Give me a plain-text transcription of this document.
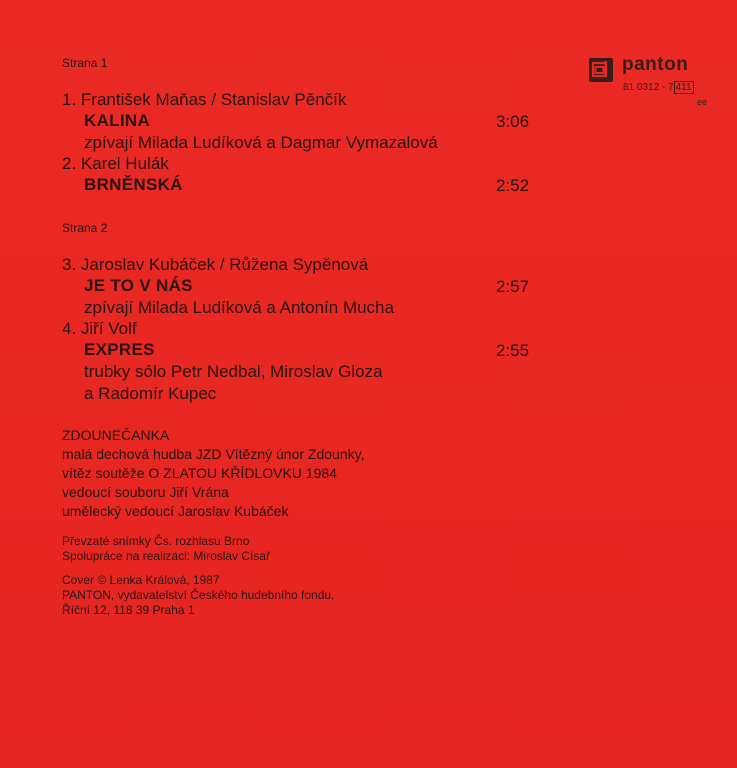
panton
81 0312 - 7 411
ee
Strana 1
1. František Maňas / Stanislav Pěnčík
KALINA	3:06
zpívají Milada Ludíková a Dagmar Vymazalová
2. Karel Hulák
BRNĚNSKÁ	2:52
Strana 2
3. Jaroslav Kubáček / Růžena Sypěnová
JE TO V NÁS	2:57
zpívají Milada Ludíková a Antonín Mucha
4. Jiří Volf
EXPRES	2:55
trubky sólo Petr Nedbal, Miroslav Gloza
a Radomír Kupec
ZDOUNEČANKA
malá dechová hudba JZD Vítězný únor Zdounky,
vítěz soutěže O ZLATOU KŘÍDLOVKU 1984
vedoucí souboru Jiří Vrána
umělecký vedoucí Jaroslav Kubáček
Převzaté snímky Čs. rozhlasu Brno
Spolupráce na realizaci: Miroslav Císař
Cover © Lenka Králová, 1987
PANTON, vydavatelství Českého hudebního fondu,
Říční 12, 118 39 Praha 1
